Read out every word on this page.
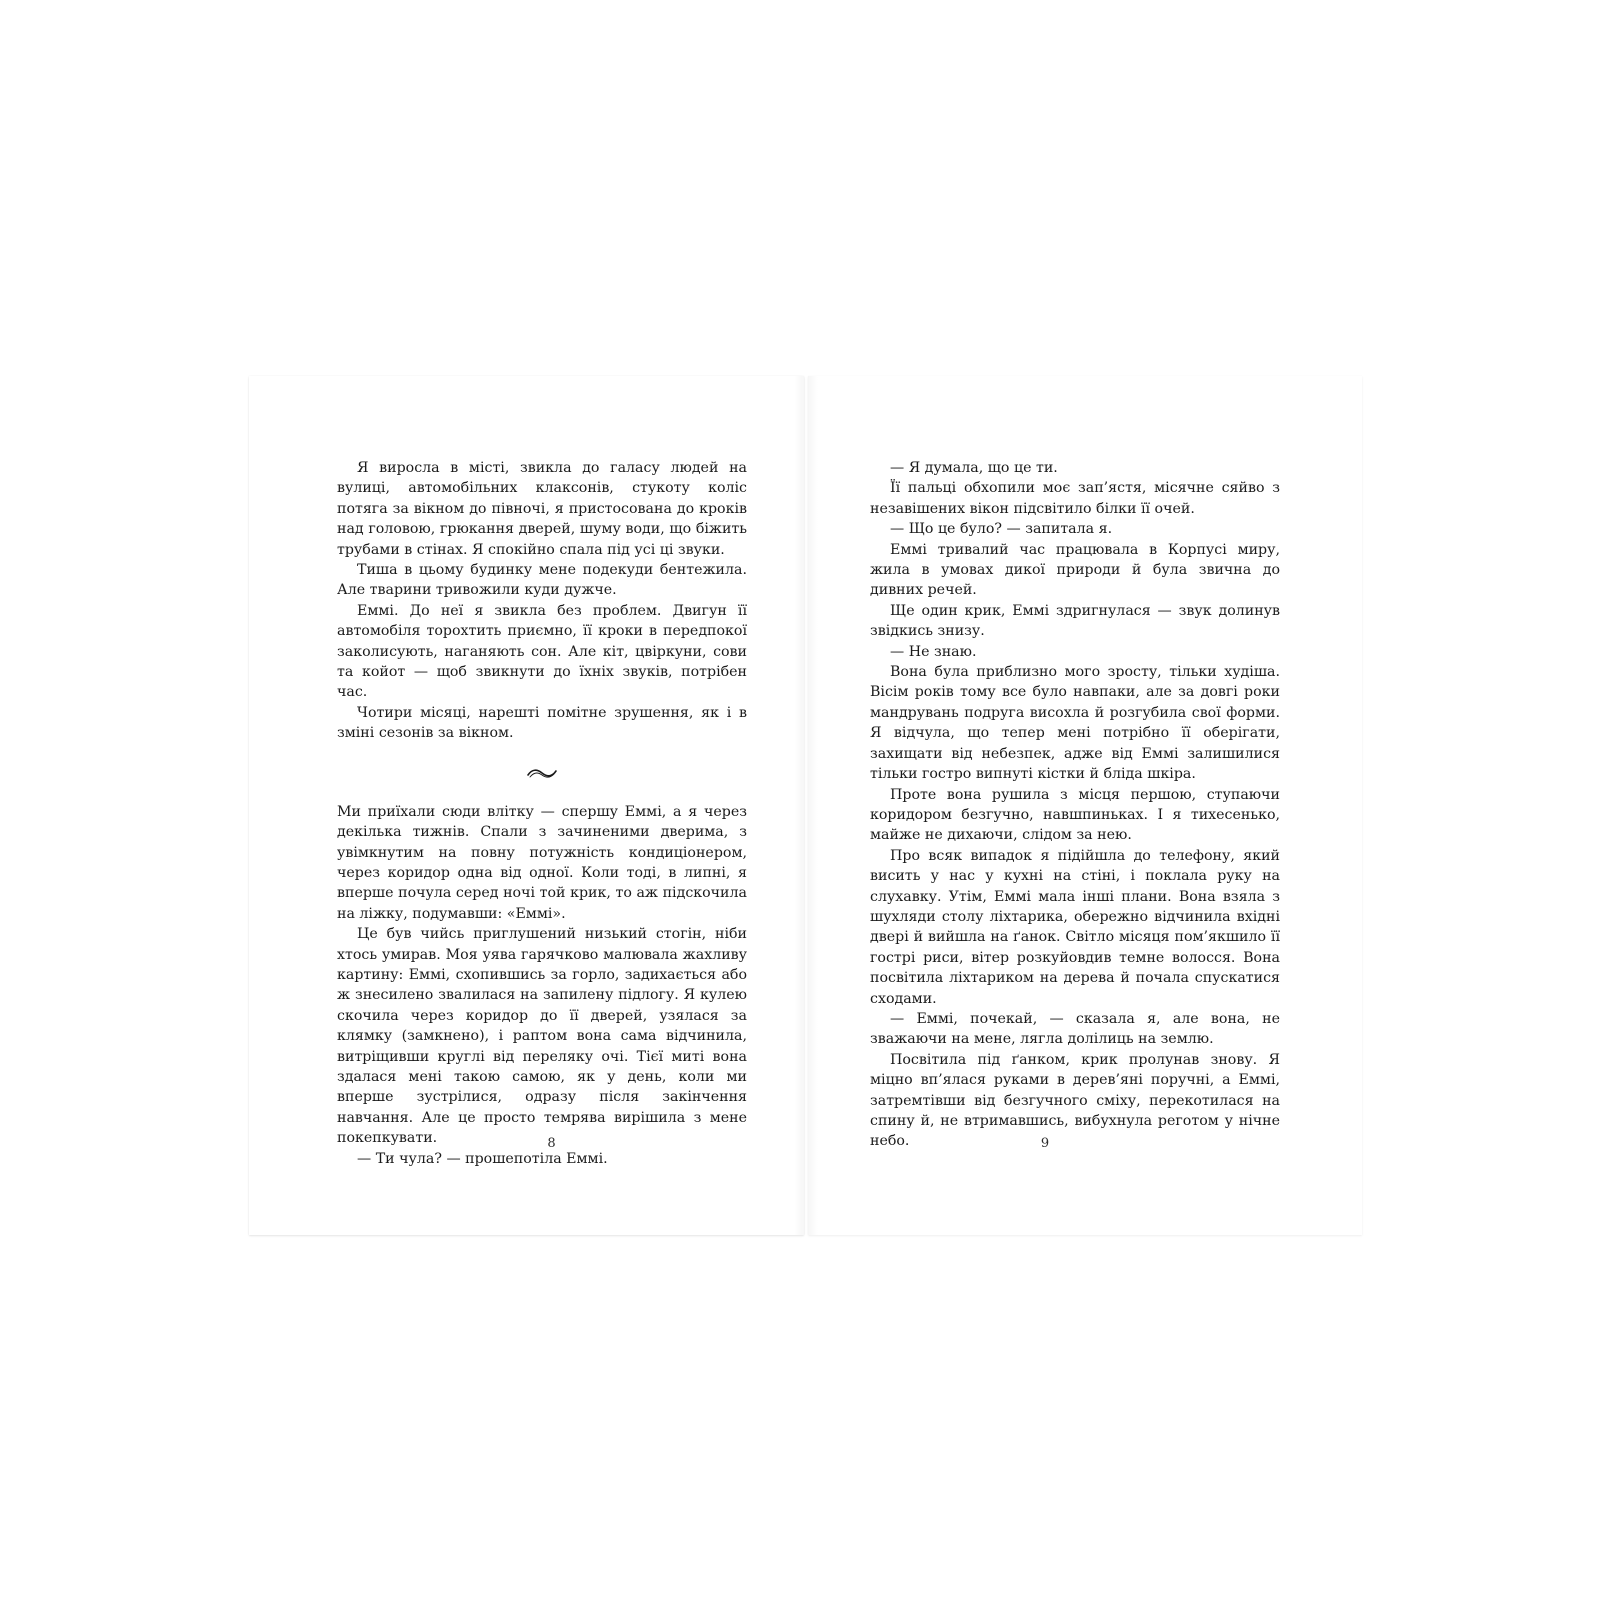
Я виросла в місті, звикла до галасу людей на вулиці, автомобільних клаксонів, стукоту коліс потяга за вікном до півночі, я пристосована до кроків над головою, грюкання дверей, шуму води, що біжить трубами в стінах. Я спокійно спала під усі ці звуки.

Тиша в цьому будинку мене подекуди бентежила. Але тварини тривожили куди дужче.

Еммі. До неї я звикла без проблем. Двигун її автомобіля торохтить приємно, її кроки в передпокої заколисують, наганяють сон. Але кіт, цвіркуни, сови та койот — щоб звикнути до їхніх звуків, потрібен час.

Чотири місяці, нарешті помітне зрушення, як і в зміні сезонів за вікном.

Ми приїхали сюди влітку — спершу Еммі, а я через декілька тижнів. Спали з зачиненими дверима, з увімкнутим на повну потужність кондиціонером, через коридор одна від одної. Коли тоді, в липні, я вперше почула серед ночі той крик, то аж підскочила на ліжку, подумавши: «Еммі».

Це був чийсь приглушений низький стогін, ніби хтось умирав. Моя уява гарячково малювала жахливу картину: Еммі, схопившись за горло, задихається або ж знесилено звалилася на запилену підлогу. Я кулею скочила через коридор до її дверей, узялася за клямку (замкнено), і раптом вона сама відчинила, витріщивши круглі від переляку очі. Тієї миті вона здалася мені такою самою, як у день, коли ми вперше зустрілися, одразу після закінчення навчання. Але це просто темрява вирішила з мене покепкувати.

— Ти чула? — прошепотіла Еммі.

8

— Я думала, що це ти.

Її пальці обхопили моє зап’ястя, місячне сяйво з незавішених вікон підсвітило білки її очей.

— Що це було? — запитала я.

Еммі тривалий час працювала в Корпусі миру, жила в умовах дикої природи й була звична до дивних речей.

Ще один крик, Еммі здригнулася — звук долинув звідкись знизу.

— Не знаю.

Вона була приблизно мого зросту, тільки худіша. Вісім років тому все було навпаки, але за довгі роки мандрувань подруга висохла й розгубила свої форми. Я відчула, що тепер мені потрібно її оберігати, захищати від небезпек, адже від Еммі залишилися тільки гостро випнуті кістки й бліда шкіра.

Проте вона рушила з місця першою, ступаючи коридором безгучно, навшпиньках. І я тихесенько, майже не дихаючи, слідом за нею.

Про всяк випадок я підійшла до телефону, який висить у нас у кухні на стіні, і поклала руку на слухавку. Утім, Еммі мала інші плани. Вона взяла з шухляди столу ліхтарика, обережно відчинила вхідні двері й вийшла на ґанок. Світло місяця пом’якшило її гострі риси, вітер розкуйовдив темне волосся. Вона посвітила ліхтариком на дерева й почала спускатися сходами.

— Еммі, почекай, — сказала я, але вона, не зважаючи на мене, лягла долілиць на землю.

Посвітила під ґанком, крик пролунав знову. Я міцно вп’ялася руками в дерев’яні поручні, а Еммі, затремтівши від безгучного сміху, перекотилася на спину й, не втримавшись, вибухнула реготом у нічне небо.	9
